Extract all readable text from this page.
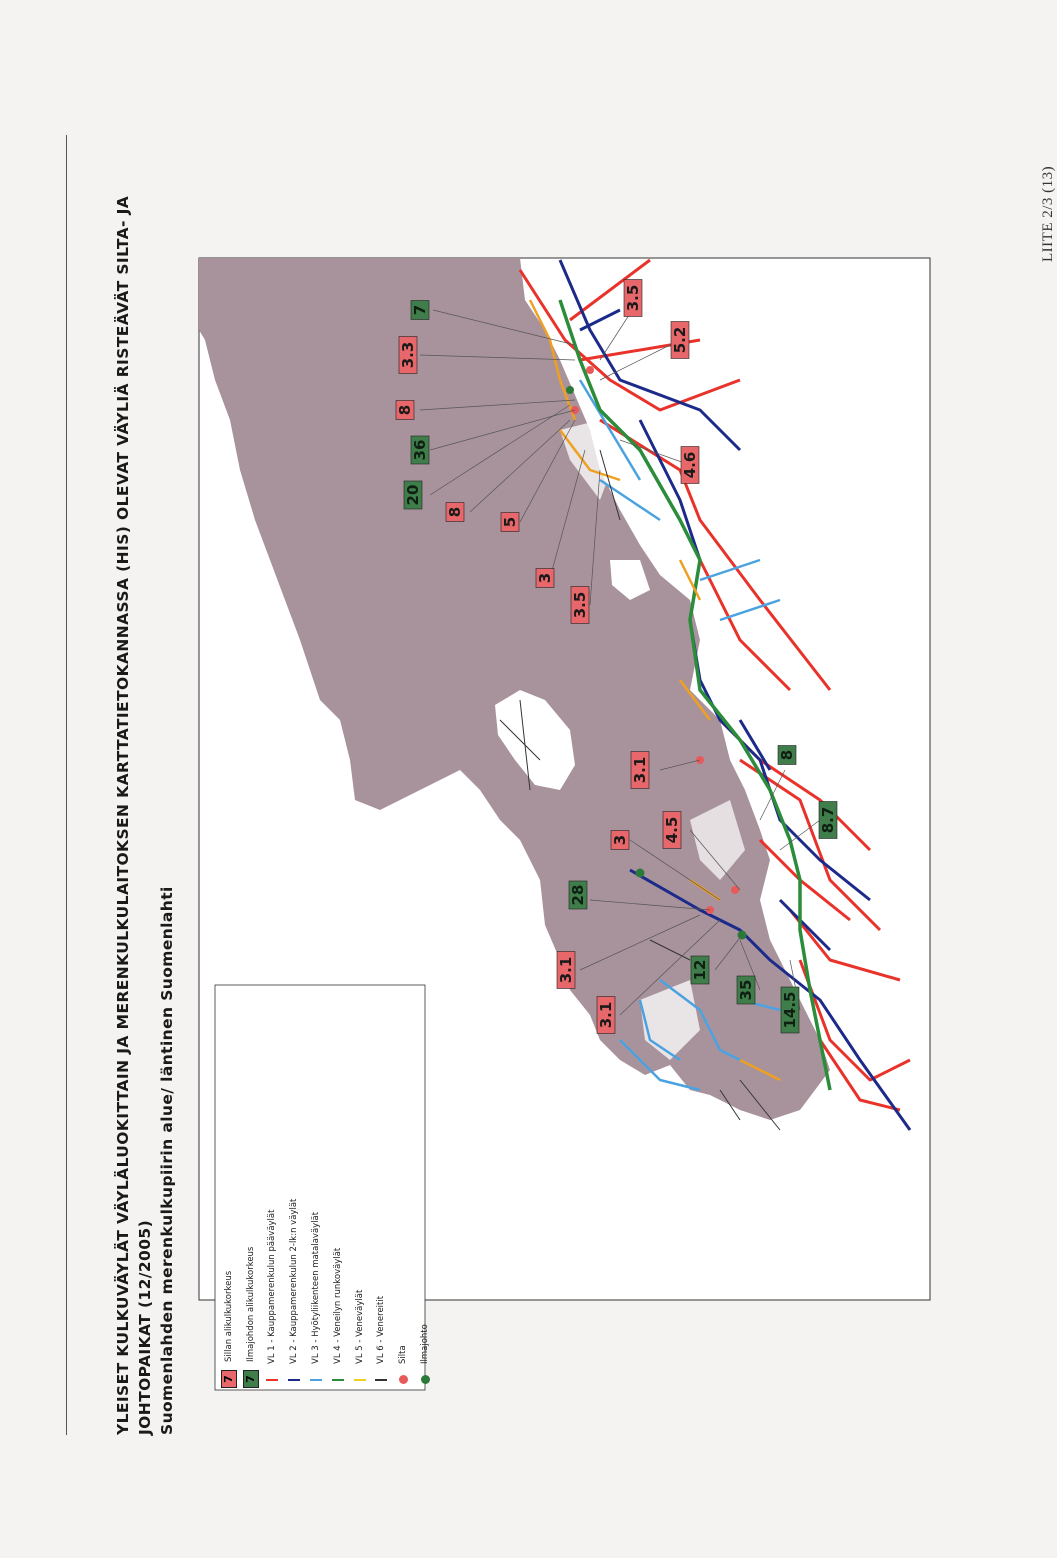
LIITE 2/3 (13)
YLEISET KULKUVÄYLÄT VÄYLÄLUOKITTAIN JA MERENKULKULAITOKSEN KARTTATIETOKANNASSA (HIS) OLEVAT VÄYLIÄ RISTEÄVÄT SILTA- JA JOHTOPAIKAT (12/2005) Suomenlahden merenkulkupiirin alue/ läntinen Suomenlahti
3.5
5.2
3.3
8
4.6
8
5
3
3.5
3.1
3 4.5
3.1
3.1
7
36
20
8
8.7
28
12
35
14.5
7
Sillan alikulkukorkeus
7
Ilmajohdon alikulkukorkeus VL 1 - Kauppamerenkulun pääväylät VL 2 - Kauppamerenkulun 2-lk:n väylät VL 3 - Hyötyliikenteen matalaväylät VL 4 - Veneilyn runkoväylät VL 5 - Veneväylät VL 6 - Venereitit Silta Ilmajohto
